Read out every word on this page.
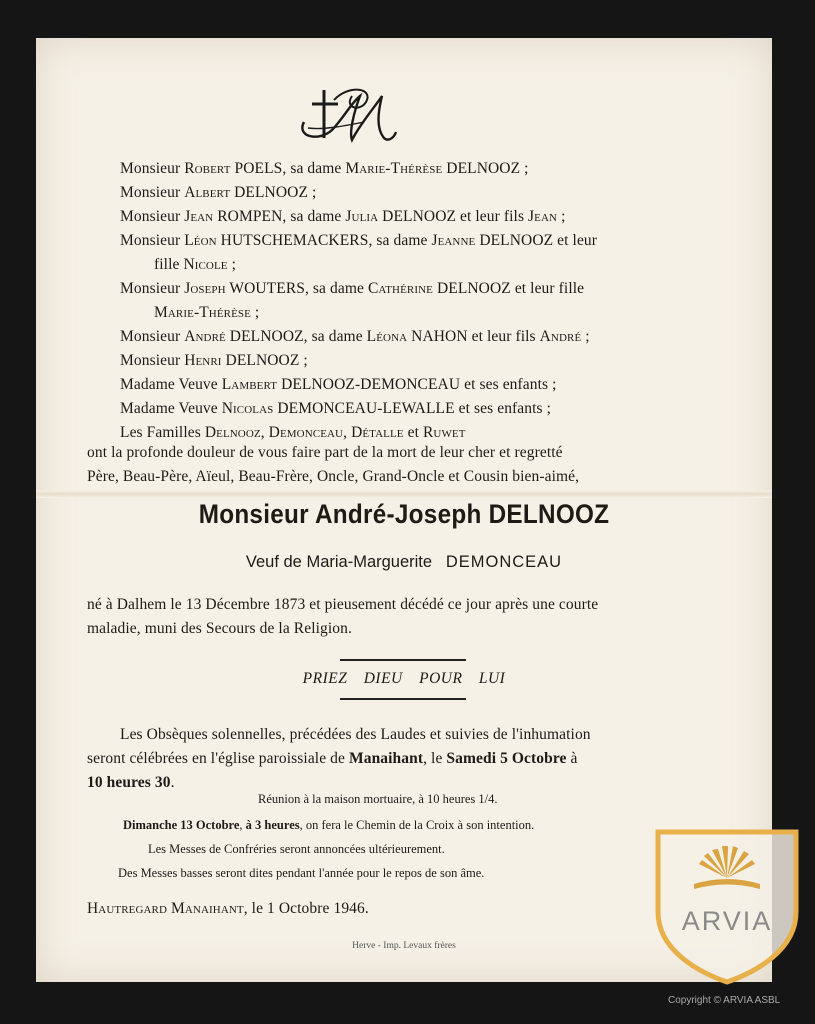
Monsieur Robert POELS, sa dame Marie-Thérèse DELNOOZ ;
Monsieur Albert DELNOOZ ;
Monsieur Jean ROMPEN, sa dame Julia DELNOOZ et leur fils Jean ;
Monsieur Léon HUTSCHEMACKERS, sa dame Jeanne DELNOOZ et leur
fille Nicole ;
Monsieur Joseph WOUTERS, sa dame Cathérine DELNOOZ et leur fille
Marie-Thérèse ;
Monsieur André DELNOOZ, sa dame Léona NAHON et leur fils André ;
Monsieur Henri DELNOOZ ;
Madame Veuve Lambert DELNOOZ-DEMONCEAU et ses enfants ;
Madame Veuve Nicolas DEMONCEAU-LEWALLE et ses enfants ;
Les Familles Delnooz, Demonceau, Détalle et Ruwet
ont la profonde douleur de vous faire part de la mort de leur cher et regretté
Père, Beau-Père, Aïeul, Beau-Frère, Oncle, Grand-Oncle et Cousin bien-aimé,
Monsieur André-Joseph DELNOOZ
Veuf de Maria-Marguerite DEMONCEAU
né à Dalhem le 13 Décembre 1873 et pieusement décédé ce jour après une courte
maladie, muni des Secours de la Religion.
PRIEZ DIEU POUR LUI
Les Obsèques solennelles, précédées des Laudes et suivies de l'inhumation
seront célébrées en l'église paroissiale de Manaihant, le Samedi 5 Octobre à
10 heures 30.
Réunion à la maison mortuaire, à 10 heures 1/4.
Dimanche 13 Octobre, à 3 heures, on fera le Chemin de la Croix à son intention.
Les Messes de Confréries seront annoncées ultérieurement.
Des Messes basses seront dites pendant l'année pour le repos de son âme.
Hautregard Manaihant, le 1 Octobre 1946.
Herve - Imp. Levaux frères
ARVIA
Copyright © ARVIA ASBL
